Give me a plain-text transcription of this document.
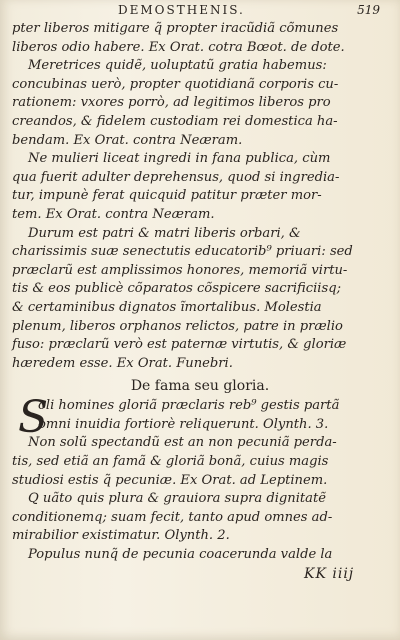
DEMOSTHENIS.	519
pter liberos mitigare q̃ propter iracũdiã cõmunes
liberos odio habere. Ex Orat. cotra Bœot. de dote.
Meretrices quidẽ, uoluptatũ gratia habemus:
concubinas uerò, propter quotidianã corporis cu-
rationem: vxores porrò, ad legitimos liberos pro
creandos, & fidelem custodiam rei domestica ha-
bendam. Ex Orat. contra Neæram.
Ne mulieri liceat ingredi in fana publica, cùm
qua fuerit adulter deprehensus, quod si ingredia-
tur, impunè ferat quicquid patitur præter mor-
tem. Ex Orat. contra Neæram.
Durum est patri & matri liberis orbari, &
charissimis suæ senectutis educatorib⁹ priuari: sed
præclarũ est amplissimos honores, memoriã virtu-
tis & eos publicè cõparatos cõspicere sacrificiisq;
& certaminibus dignatos ĩmortalibus. Molestia
plenum, liberos orphanos relictos, patre in prælio
fuso: præclarũ verò est paternæ virtutis, & gloriæ
hæredem esse. Ex Orat. Funebri.
De fama seu gloria.
S
oli homines gloriã præclaris reb⁹ gestis partã
omni inuidia fortiorè reliquerunt. Olynth. 3.
Non solũ spectandũ est an non pecuniã perda-
tis, sed etiã an famã & gloriã bonã, cuius magis
studiosi estis q̃ pecuniæ. Ex Orat. ad Leptinem.
Q uãto quis plura & grauiora supra dignitatẽ
conditionemq; suam fecit, tanto apud omnes ad-
mirabilior existimatur. Olynth. 2.
Populus nunq̃ de pecunia coacerunda valde la
KK iiij
